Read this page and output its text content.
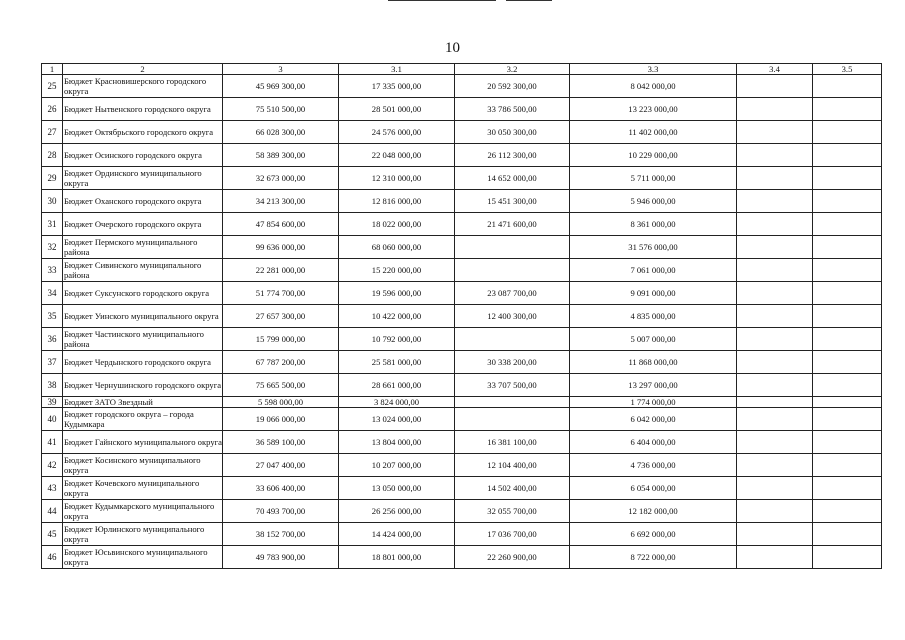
10
1	2	3	3.1	3.2	3.3	3.4	3.5
25	Бюджет Красновишерского городского округа	45 969 300,00	17 335 000,00	20 592 300,00	8 042 000,00		
26	Бюджет Нытвенского городского округа	75 510 500,00	28 501 000,00	33 786 500,00	13 223 000,00		
27	Бюджет Октябрьского городского округа	66 028 300,00	24 576 000,00	30 050 300,00	11 402 000,00		
28	Бюджет Осинского городского округа	58 389 300,00	22 048 000,00	26 112 300,00	10 229 000,00		
29	Бюджет Ординского муниципального округа	32 673 000,00	12 310 000,00	14 652 000,00	5 711 000,00		
30	Бюджет Оханского городского округа	34 213 300,00	12 816 000,00	15 451 300,00	5 946 000,00		
31	Бюджет Очерского городского округа	47 854 600,00	18 022 000,00	21 471 600,00	8 361 000,00		
32	Бюджет Пермского муниципального района	99 636 000,00	68 060 000,00		31 576 000,00		
33	Бюджет Сивинского муниципального района	22 281 000,00	15 220 000,00		7 061 000,00		
34	Бюджет Суксунского городского округа	51 774 700,00	19 596 000,00	23 087 700,00	9 091 000,00		
35	Бюджет Уинского муниципального округа	27 657 300,00	10 422 000,00	12 400 300,00	4 835 000,00		
36	Бюджет Частинского муниципального района	15 799 000,00	10 792 000,00		5 007 000,00		
37	Бюджет Чердынского городского округа	67 787 200,00	25 581 000,00	30 338 200,00	11 868 000,00		
38	Бюджет Чернушинского городского округа	75 665 500,00	28 661 000,00	33 707 500,00	13 297 000,00		
39	Бюджет ЗАТО Звездный	5 598 000,00	3 824 000,00		1 774 000,00		
40	Бюджет городского округа – города Кудымкара	19 066 000,00	13 024 000,00		6 042 000,00		
41	Бюджет Гайнского муниципального округа	36 589 100,00	13 804 000,00	16 381 100,00	6 404 000,00		
42	Бюджет Косинского муниципального округа	27 047 400,00	10 207 000,00	12 104 400,00	4 736 000,00		
43	Бюджет Кочевского муниципального округа	33 606 400,00	13 050 000,00	14 502 400,00	6 054 000,00		
44	Бюджет Кудымкарского муниципального округа	70 493 700,00	26 256 000,00	32 055 700,00	12 182 000,00		
45	Бюджет Юрлинского муниципального округа	38 152 700,00	14 424 000,00	17 036 700,00	6 692 000,00		
46	Бюджет Юсьвинского муниципального округа	49 783 900,00	18 801 000,00	22 260 900,00	8 722 000,00		
